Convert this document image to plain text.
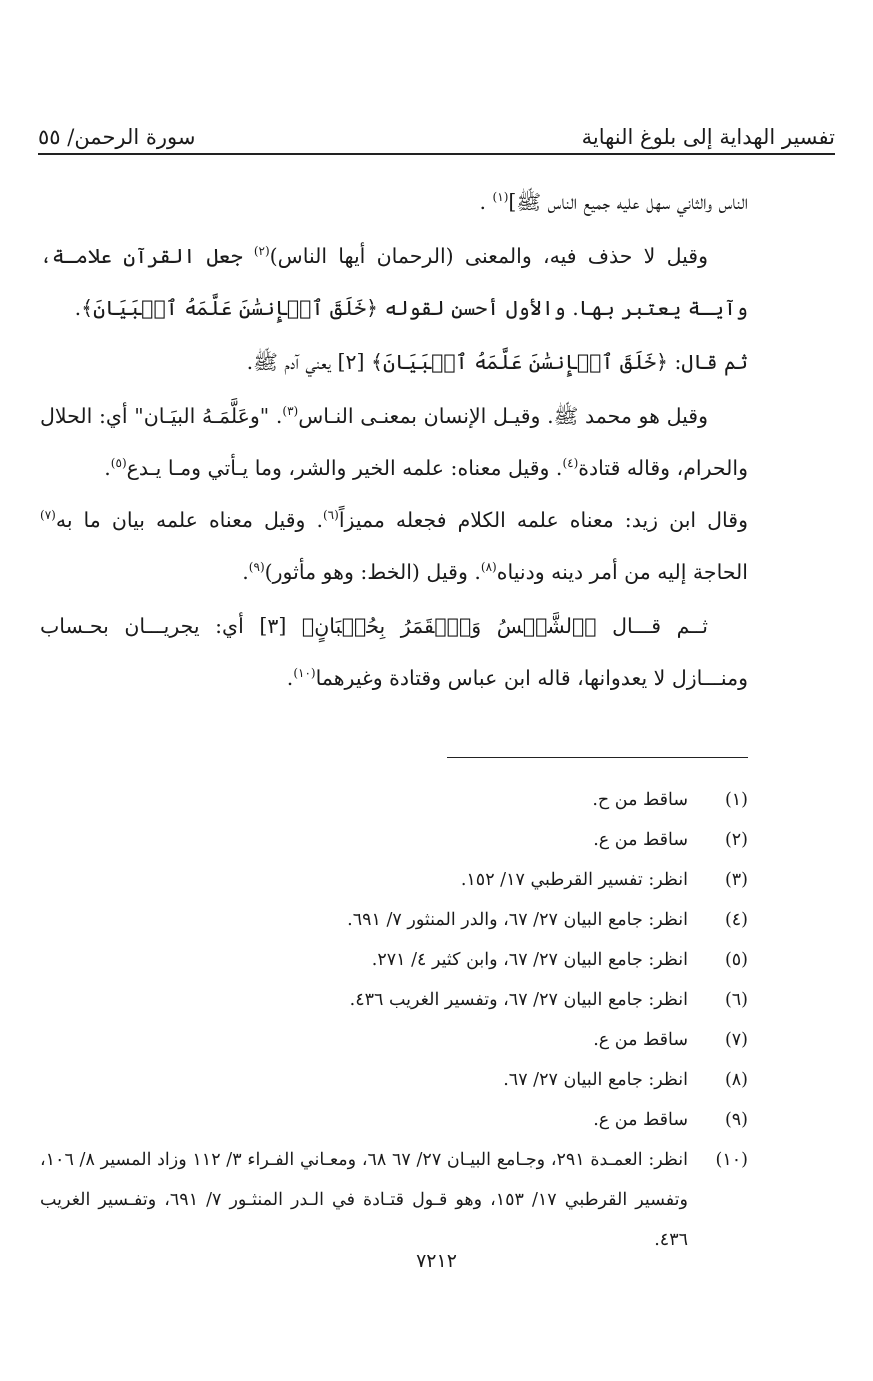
تفسير الهداية إلى بلوغ النهاية
سورة الرحمن/ ٥٥

الناس والثاني سهل عليه جميع الناس ﷺ]$^{(١)}$ .

وقيل لا حذف فيه، والمعنى (الرحمان أيها الناس)$^{(٢)}$ جعل القرآن علامـة، وآيـة يعتبر بها. والأول أحسن لقوله ﴿خَلَقَ ٱلۡإِنسَٰنَ عَلَّمَهُ ٱلۡبَيَانَ﴾.

ثم قال: ﴿خَلَقَ ٱلۡإِنسَٰنَ عَلَّمَهُ ٱلۡبَيَانَ﴾ [٢] يعني آدم ﷺ.

وقيل هو محمد ﷺ. وقيـل الإنسان بمعنـى النـاس$^{(٣)}$. "وعَلَّمَـهُ البيَـان" أي: الحلال والحرام، وقاله قتادة$^{(٤)}$. وقيل معناه: علمه الخير والشر، وما يـأتي ومـا يـدع$^{(٥)}$.

وقال ابن زيد: معناه علمه الكلام فجعله مميزاً$^{(٦)}$. وقيل معناه علمه بيان ما به$^{(٧)}$ الحاجة إليه من أمر دينه ودنياه$^{(٨)}$. وقيل (الخط: وهو مأثور)$^{(٩)}$.

ثــم قـــال ﴿ٱلشَّمۡسُ وَٱلۡقَمَرُ بِحُسۡبَانٍ﴾ [٣] أي: يجريـــان بحـساب ومنـــازل لا يعدوانها، قاله ابن عباس وقتادة وغيرهما$^{(١٠)}$.

(١)
ساقط من ح.
(٢)
ساقط من ع.
(٣)
انظر: تفسير القرطبي ١٧/ ١٥٢.
(٤)
انظر: جامع البيان ٢٧/ ٦٧، والدر المنثور ٧/ ٦٩١.
(٥)
انظر: جامع البيان ٢٧/ ٦٧، وابن كثير ٤/ ٢٧١.
(٦)
انظر: جامع البيان ٢٧/ ٦٧، وتفسير الغريب ٤٣٦.
(٧)
ساقط من ع.
(٨)
انظر: جامع البيان ٢٧/ ٦٧.
(٩)
ساقط من ع.
(١٠)
انظر: العمـدة ٢٩١، وجـامع البيـان ٢٧/ ٦٧ ٦٨، ومعـاني الفـراء ٣/ ١١٢ وزاد المسير ٨/ ١٠٦، وتفسير القرطبي ١٧/ ١٥٣، وهو قـول قتـادة في الـدر المنثـور ٧/ ٦٩١، وتفـسير الغريب ٤٣٦.
٧٢١٢
